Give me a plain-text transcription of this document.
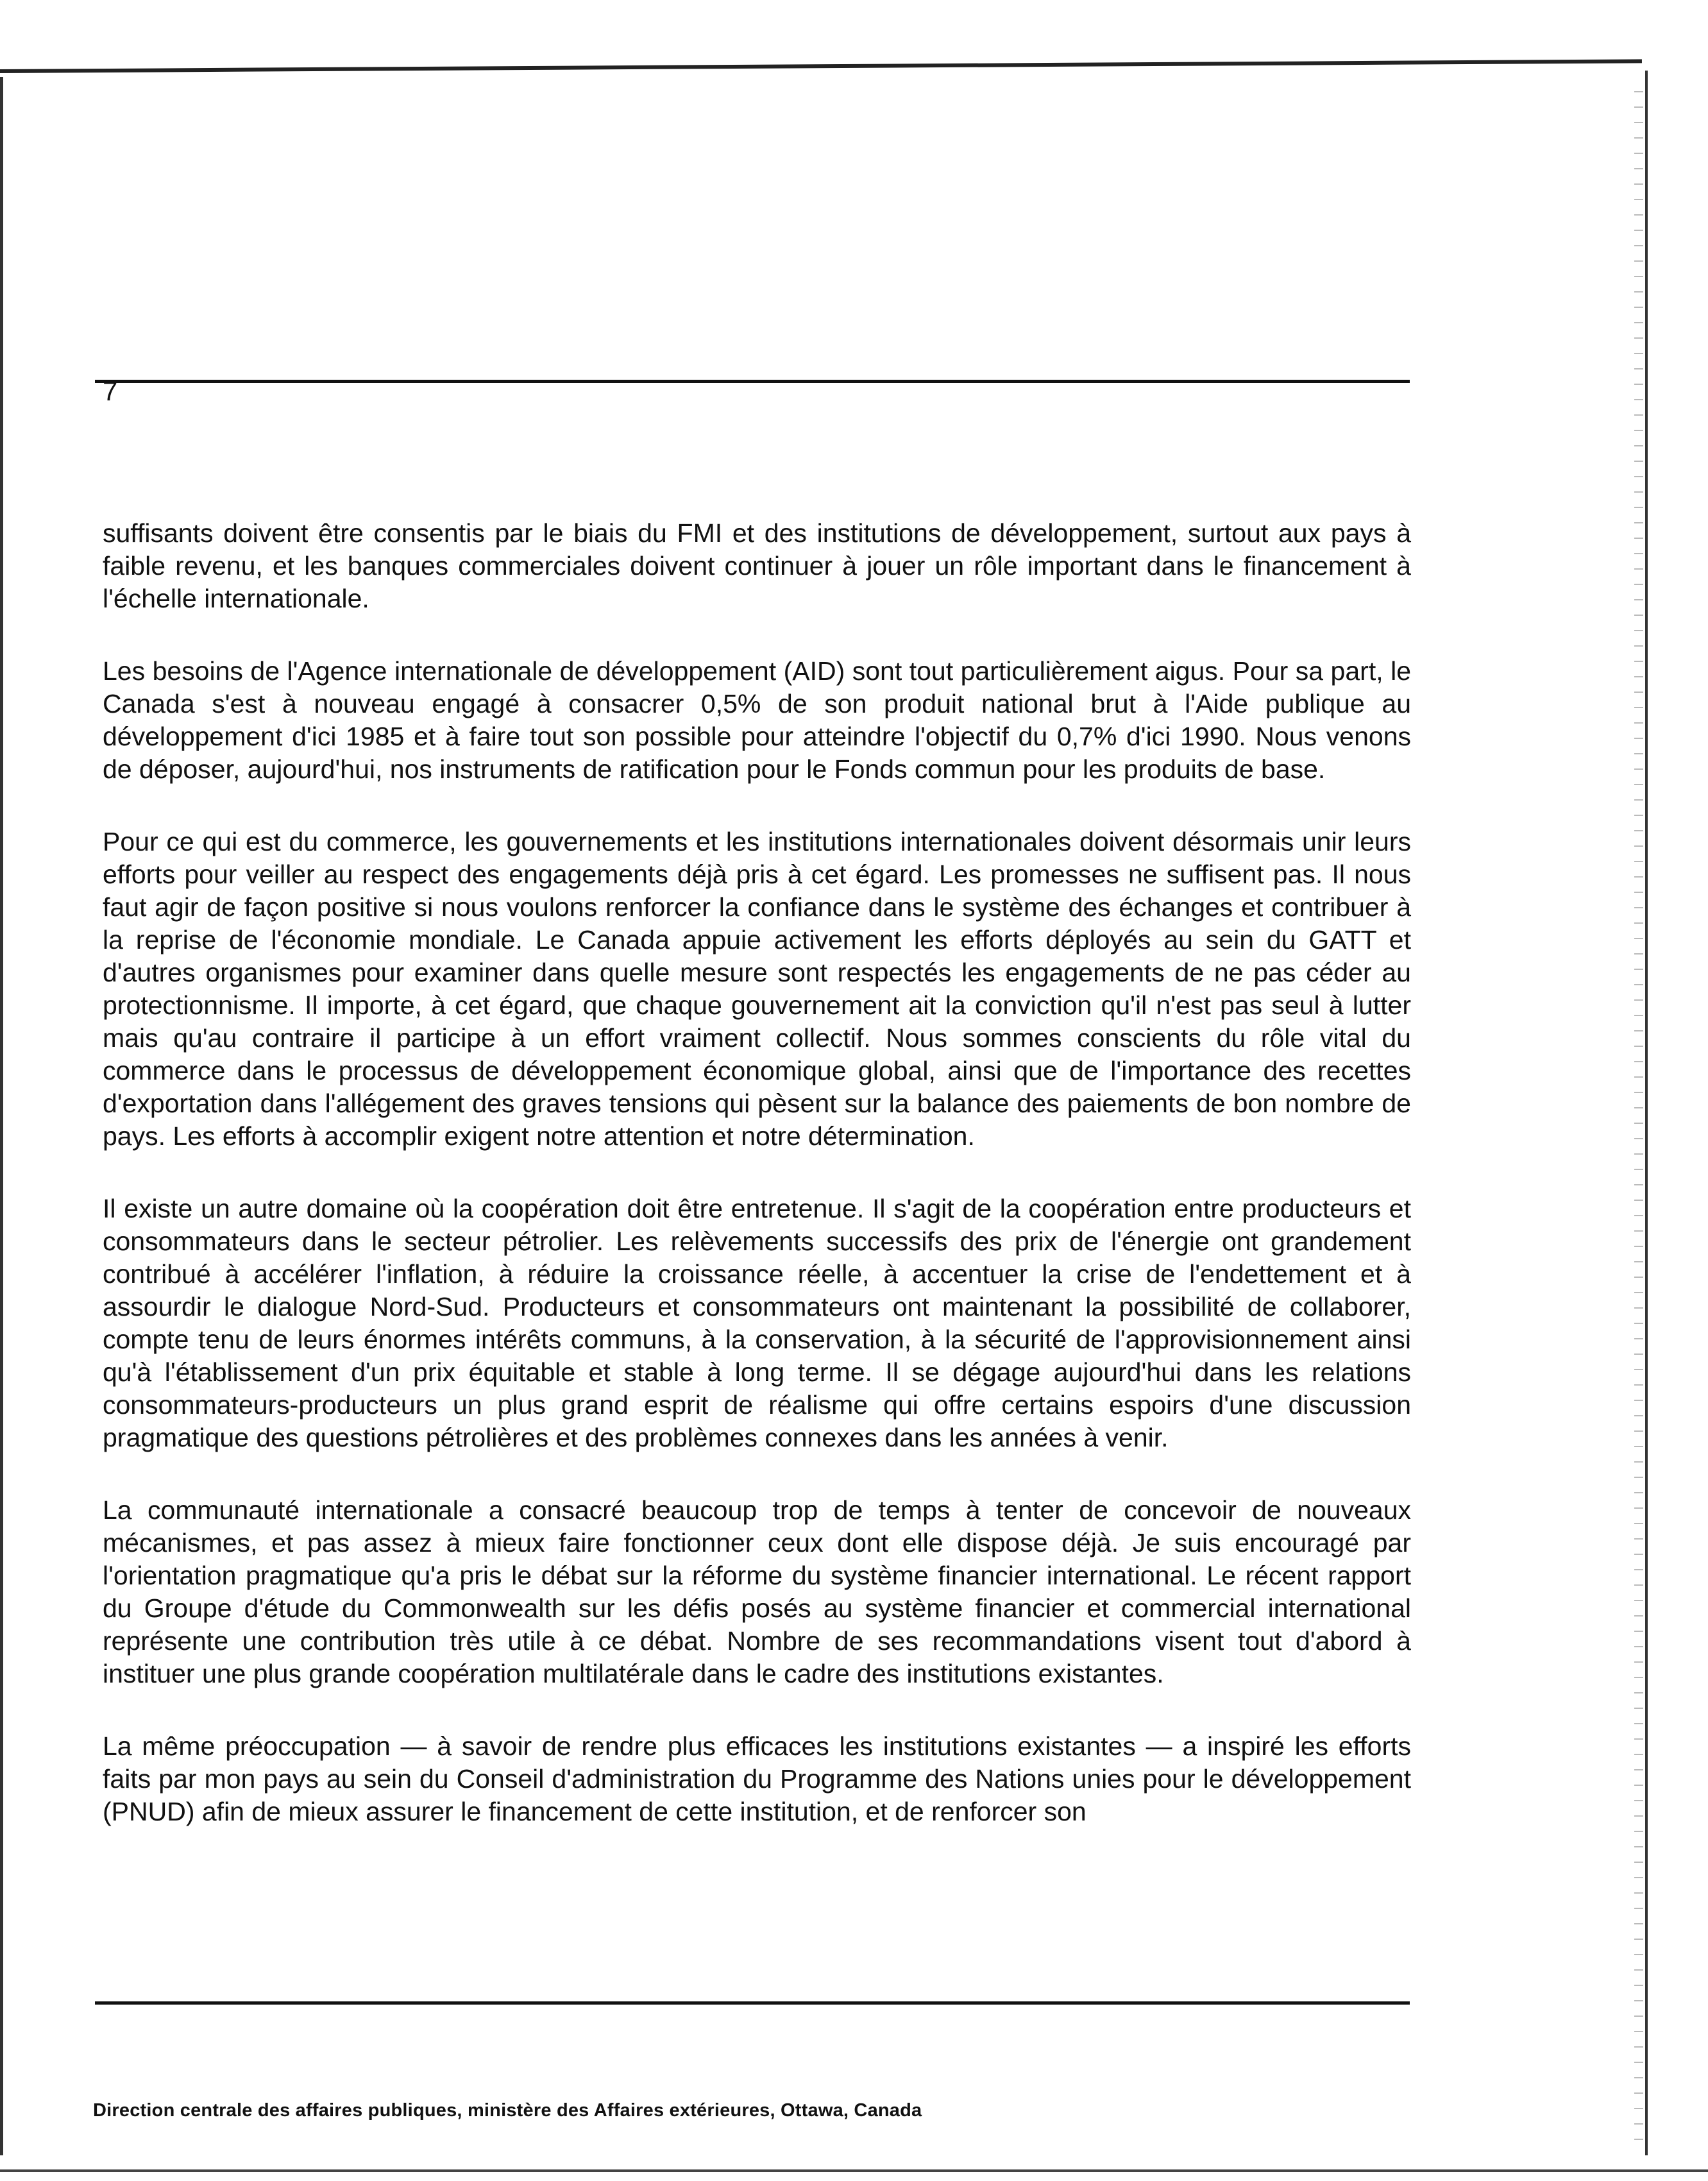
7

suffisants doivent être consentis par le biais du FMI et des institutions de développement, surtout aux pays à faible revenu, et les banques commerciales doivent continuer à jouer un rôle important dans le financement à l'échelle internationale.

Les besoins de l'Agence internationale de développement (AID) sont tout particulièrement aigus. Pour sa part, le Canada s'est à nouveau engagé à consacrer 0,5% de son produit national brut à l'Aide publique au développement d'ici 1985 et à faire tout son possible pour atteindre l'objectif du 0,7% d'ici 1990. Nous venons de déposer, aujourd'hui, nos instruments de ratification pour le Fonds commun pour les produits de base.

Pour ce qui est du commerce, les gouvernements et les institutions internationales doivent désormais unir leurs efforts pour veiller au respect des engagements déjà pris à cet égard. Les promesses ne suffisent pas. Il nous faut agir de façon positive si nous voulons renforcer la confiance dans le système des échanges et contribuer à la reprise de l'économie mondiale. Le Canada appuie activement les efforts déployés au sein du GATT et d'autres organismes pour examiner dans quelle mesure sont respectés les engagements de ne pas céder au protectionnisme. Il importe, à cet égard, que chaque gouvernement ait la conviction qu'il n'est pas seul à lutter mais qu'au contraire il participe à un effort vraiment collectif. Nous sommes conscients du rôle vital du commerce dans le processus de développement économique global, ainsi que de l'importance des recettes d'exportation dans l'allégement des graves tensions qui pèsent sur la balance des paiements de bon nombre de pays. Les efforts à accomplir exigent notre attention et notre détermination.

Il existe un autre domaine où la coopération doit être entretenue. Il s'agit de la coopération entre producteurs et consommateurs dans le secteur pétrolier. Les relèvements successifs des prix de l'énergie ont grandement contribué à accélérer l'inflation, à réduire la croissance réelle, à accentuer la crise de l'endettement et à assourdir le dialogue Nord-Sud. Producteurs et consommateurs ont maintenant la possibilité de collaborer, compte tenu de leurs énormes intérêts communs, à la conservation, à la sécurité de l'approvisionnement ainsi qu'à l'établissement d'un prix équitable et stable à long terme. Il se dégage aujourd'hui dans les relations consommateurs-producteurs un plus grand esprit de réalisme qui offre certains espoirs d'une discussion pragmatique des questions pétrolières et des problèmes connexes dans les années à venir.

La communauté internationale a consacré beaucoup trop de temps à tenter de concevoir de nouveaux mécanismes, et pas assez à mieux faire fonctionner ceux dont elle dispose déjà. Je suis encouragé par l'orientation pragmatique qu'a pris le débat sur la réforme du système financier international. Le récent rapport du Groupe d'étude du Commonwealth sur les défis posés au système financier et commercial international représente une contribution très utile à ce débat. Nombre de ses recommandations visent tout d'abord à instituer une plus grande coopération multilatérale dans le cadre des institutions existantes.

La même préoccupation — à savoir de rendre plus efficaces les institutions existantes — a inspiré les efforts faits par mon pays au sein du Conseil d'administration du Programme des Nations unies pour le développement (PNUD) afin de mieux assurer le financement de cette institution, et de renforcer son

Direction centrale des affaires publiques, ministère des Affaires extérieures, Ottawa, Canada
